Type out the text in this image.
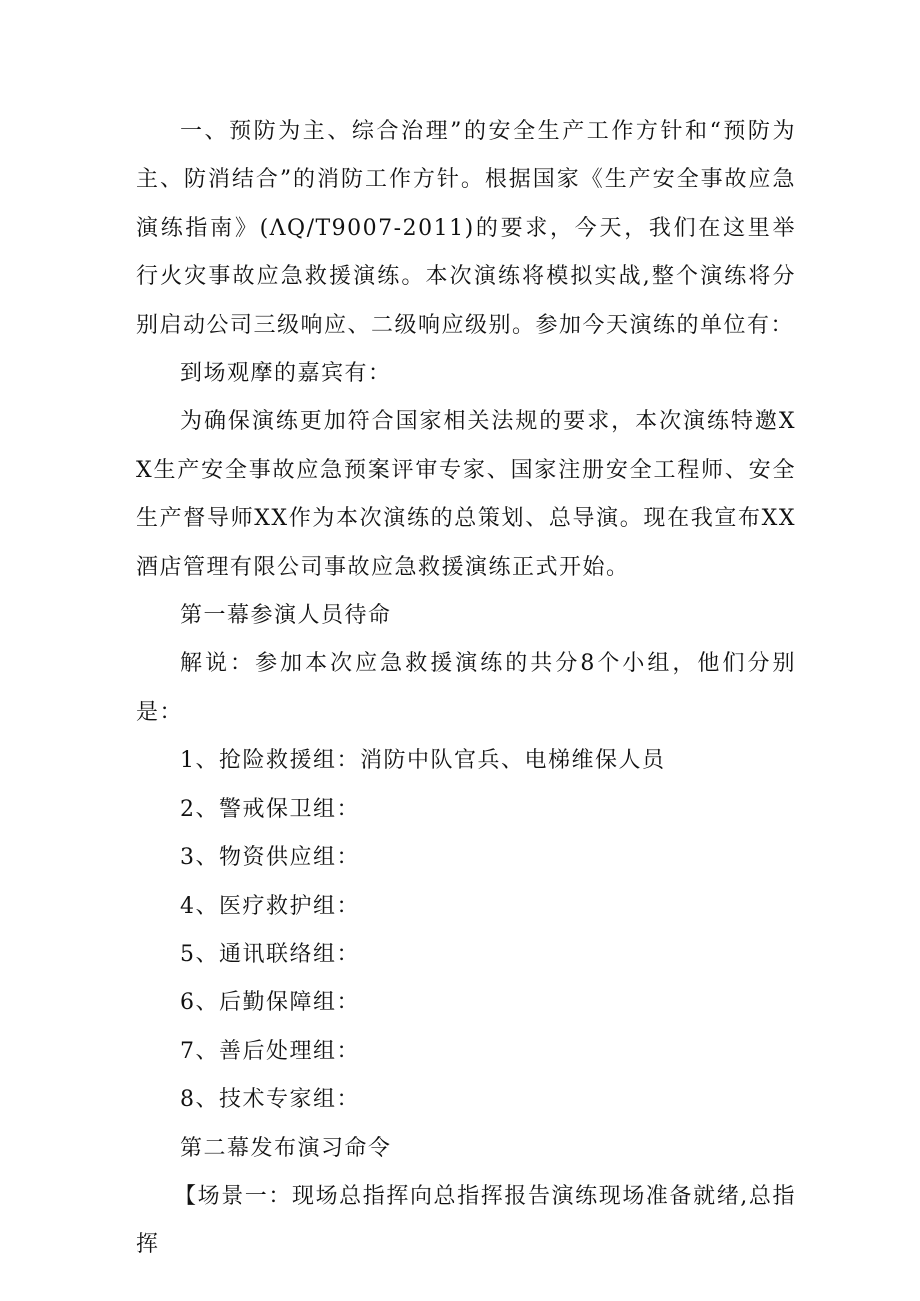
一、预防为主、综合治理”的安全生产工作方针和“预防为主、防消结合”的消防工作方针。根据国家《生产安全事故应急演练指南》(ΛQ/T9007-2011)的要求，今天，我们在这里举行火灾事故应急救援演练。本次演练将模拟实战,整个演练将分别启动公司三级响应、二级响应级别。参加今天演练的单位有：

到场观摩的嘉宾有：

为确保演练更加符合国家相关法规的要求，本次演练特邀XX生产安全事故应急预案评审专家、国家注册安全工程师、安全生产督导师XX作为本次演练的总策划、总导演。现在我宣布XX酒店管理有限公司事故应急救援演练正式开始。

第一幕参演人员待命

解说：参加本次应急救援演练的共分8个小组，他们分别是：

1、抢险救援组：消防中队官兵、电梯维保人员

2、警戒保卫组：

3、物资供应组：

4、医疗救护组：

5、通讯联络组：

6、后勤保障组：

7、善后处理组：

8、技术专家组：

第二幕发布演习命令

【场景一：现场总指挥向总指挥报告演练现场准备就绪,总指挥
